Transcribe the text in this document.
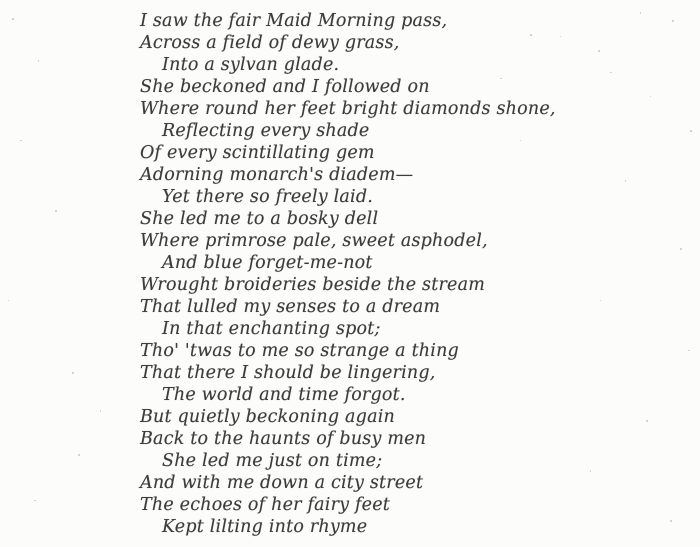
I saw the fair Maid Morning pass,
Across a field of dewy grass,
Into a sylvan glade.
She beckoned and I followed on
Where round her feet bright diamonds shone,
Reflecting every shade
Of every scintillating gem
Adorning monarch's diadem—
Yet there so freely laid.
She led me to a bosky dell
Where primrose pale, sweet asphodel,
And blue forget-me-not
Wrought broideries beside the stream
That lulled my senses to a dream
In that enchanting spot;
Tho' 'twas to me so strange a thing
That there I should be lingering,
The world and time forgot.
But quietly beckoning again
Back to the haunts of busy men
She led me just on time;
And with me down a city street
The echoes of her fairy feet
Kept lilting into rhyme
